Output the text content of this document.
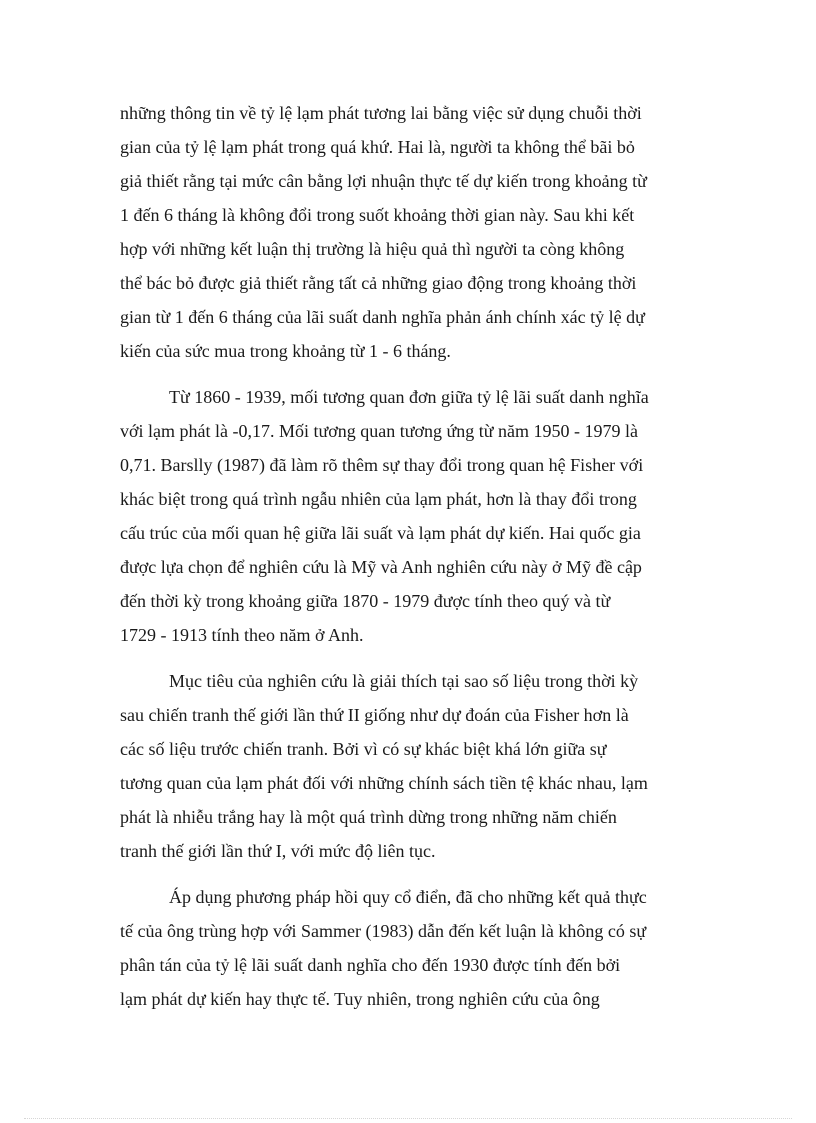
những thông tin về tỷ lệ lạm phát tương lai bằng việc sử dụng chuỗi thời
gian của tỷ lệ lạm phát trong quá khứ. Hai là, người ta không thể bãi bỏ
giả thiết rằng tại mức cân bằng lợi nhuận thực tế dự kiến trong khoảng từ
1 đến 6 tháng là không đổi trong suốt khoảng thời gian này. Sau khi kết
hợp với những kết luận thị trường là hiệu quả thì người ta còng không
thể bác bỏ được giả thiết rằng tất cả những giao động trong khoảng thời
gian từ 1 đến 6 tháng của lãi suất danh nghĩa phản ánh chính xác tỷ lệ dự
kiến của sức mua trong khoảng từ 1 - 6 tháng.
Từ 1860 - 1939, mối tương quan đơn giữa tỷ lệ lãi suất danh nghĩa
với lạm phát là -0,17. Mối tương quan tương ứng từ năm 1950 - 1979 là
0,71. Barslly (1987) đã làm rõ thêm sự thay đổi trong quan hệ Fisher với
khác biệt trong quá trình ngẫu nhiên của lạm phát, hơn là thay đổi trong
cấu trúc của mối quan hệ giữa lãi suất và lạm phát dự kiến. Hai quốc gia
được lựa chọn để nghiên cứu là Mỹ và Anh nghiên cứu này ở Mỹ đề cập
đến thời kỳ trong khoảng giữa 1870 - 1979 được tính theo quý và từ
1729 - 1913 tính theo năm ở Anh.
Mục tiêu của nghiên cứu là giải thích tại sao số liệu trong thời kỳ
sau chiến tranh thế giới lần thứ II giống như dự đoán của Fisher hơn là
các số liệu trước chiến tranh. Bởi vì có sự khác biệt khá lớn giữa sự
tương quan của lạm phát đối với những chính sách tiền tệ khác nhau, lạm
phát là nhiễu trắng hay là một quá trình dừng trong những năm chiến
tranh thế giới lần thứ I, với mức độ liên tục.
Áp dụng phương pháp hồi quy cổ điển, đã cho những kết quả thực
tế của ông trùng hợp với Sammer (1983) dẫn đến kết luận là không có sự
phân tán của tỷ lệ lãi suất danh nghĩa cho đến 1930 được tính đến bởi
lạm phát dự kiến hay thực tế. Tuy nhiên, trong nghiên cứu của ông
